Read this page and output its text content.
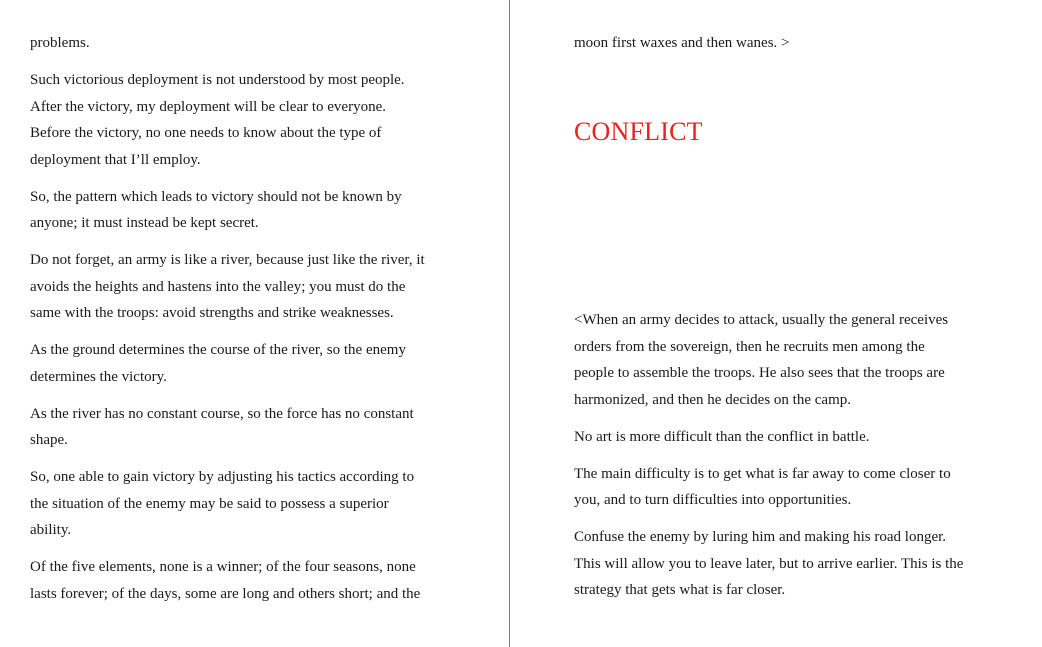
problems.

Such victorious deployment is not understood by most people.
After the victory, my deployment will be clear to everyone.
Before the victory, no one needs to know about the type of
deployment that I’ll employ.

So, the pattern which leads to victory should not be known by
anyone; it must instead be kept secret.

Do not forget, an army is like a river, because just like the river, it
avoids the heights and hastens into the valley; you must do the
same with the troops: avoid strengths and strike weaknesses.

As the ground determines the course of the river, so the enemy
determines the victory.

As the river has no constant course, so the force has no constant
shape.

So, one able to gain victory by adjusting his tactics according to
the situation of the enemy may be said to possess a superior
ability.

Of the five elements, none is a winner; of the four seasons, none
lasts forever; of the days, some are long and others short; and the

moon first waxes and then wanes. >

CONFLICT

<When an army decides to attack, usually the general receives
orders from the sovereign, then he recruits men among the
people to assemble the troops. He also sees that the troops are
harmonized, and then he decides on the camp.

No art is more difficult than the conflict in battle.

The main difficulty is to get what is far away to come closer to
you, and to turn difficulties into opportunities.

Confuse the enemy by luring him and making his road longer.
This will allow you to leave later, but to arrive earlier. This is the
strategy that gets what is far closer.
